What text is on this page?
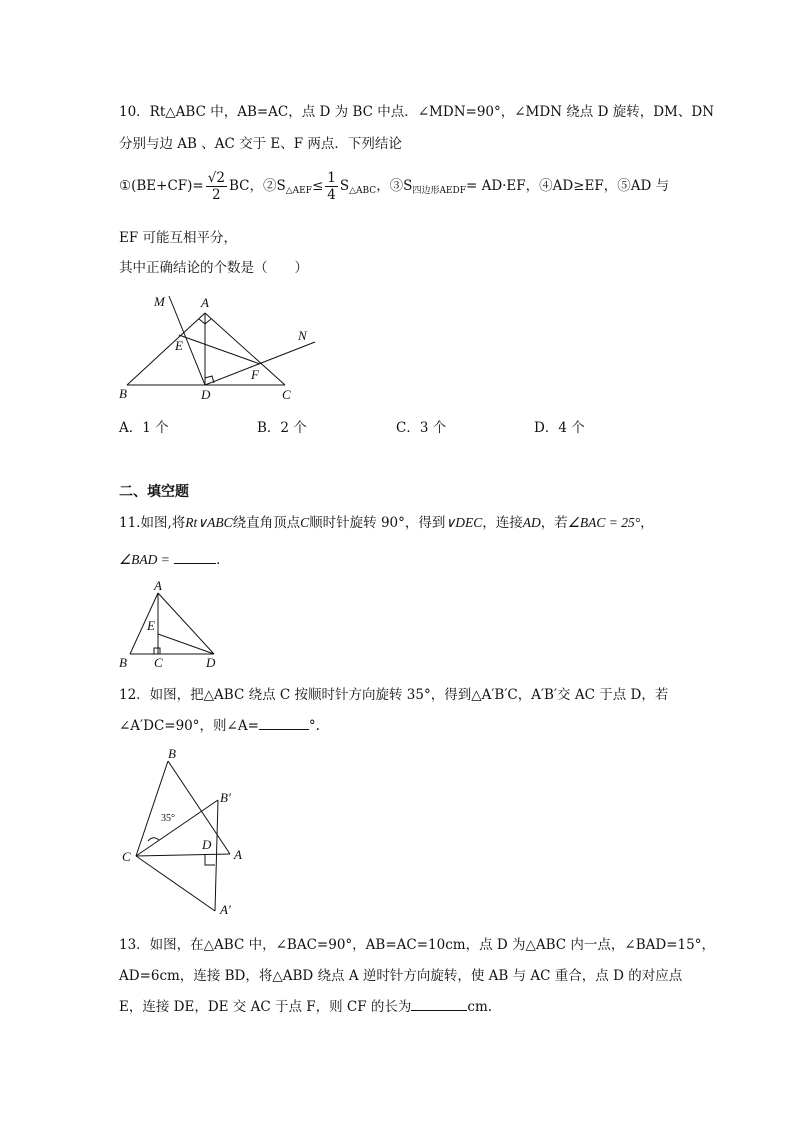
10．Rt△ABC 中，AB=AC，点 D 为 BC 中点．∠MDN=90°，∠MDN 绕点 D 旋转，DM、DN
分别与边 AB 、AC 交于 E、F 两点．下列结论
①(BE+CF)= $\frac{√2}{2}$ BC，$②S_{\triangle AEF}\le \frac{1}{4} S_{\triangle ABC}$，$③S_{四边形AEDF}= AD\cdot EF$，④AD≥EF，⑤AD 与
EF 可能互相平分，
其中正确结论的个数是（　　）
M	A
N
E
F
B	D	C
A．1 个	B．2 个	C．3 个	D．4 个
二、填空题
11.如图,将Rt∨ABC绕直角顶点C顺时针旋转 90°，得到∨DEC，连接AD，若∠BAC = 25°，
∠BAD =	．
A
E
B C	D
12．如图，把△ABC 绕点 C 按顺时针方向旋转 35°，得到△A′B′C，A′B′交 AC 于点 D，若
∠A′DC=90°，则∠A=	°.
B
B′
35°
D
C	A
A′
13．如图，在△ABC 中，∠BAC=90°，AB=AC=10cm，点 D 为△ABC 内一点，∠BAD=15°，
AD=6cm，连接 BD，将△ABD 绕点 A 逆时针方向旋转，使 AB 与 AC 重合，点 D 的对应点
E，连接 DE，DE 交 AC 于点 F，则 CF 的长为	cm.
